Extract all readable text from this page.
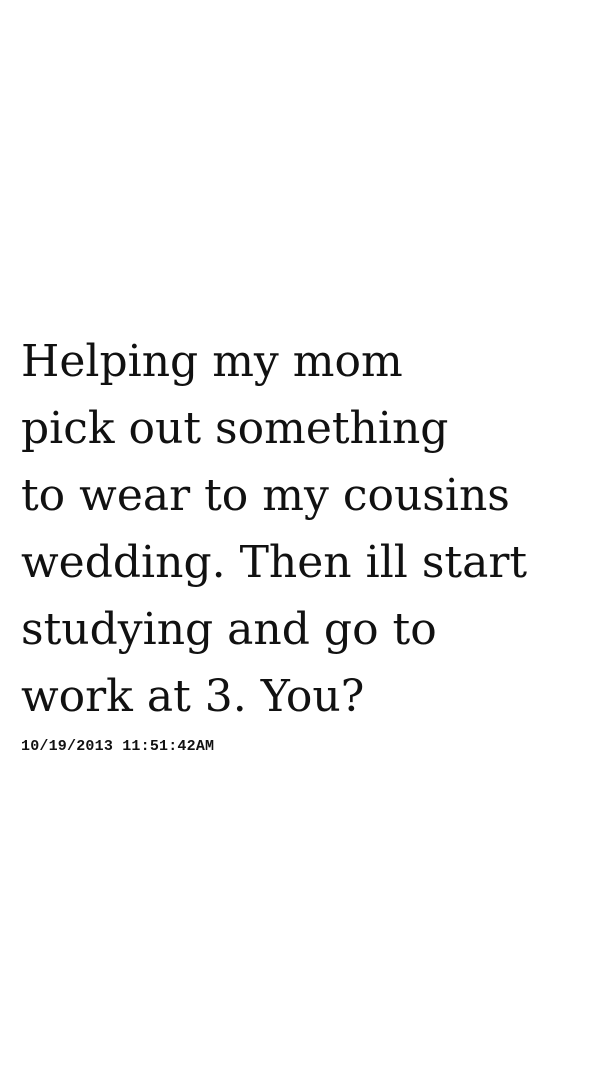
Helping my mom
pick out something
to wear to my cousins
wedding. Then ill start
studying and go to
work at 3. You?

10/19/2013 11:51:42AM
